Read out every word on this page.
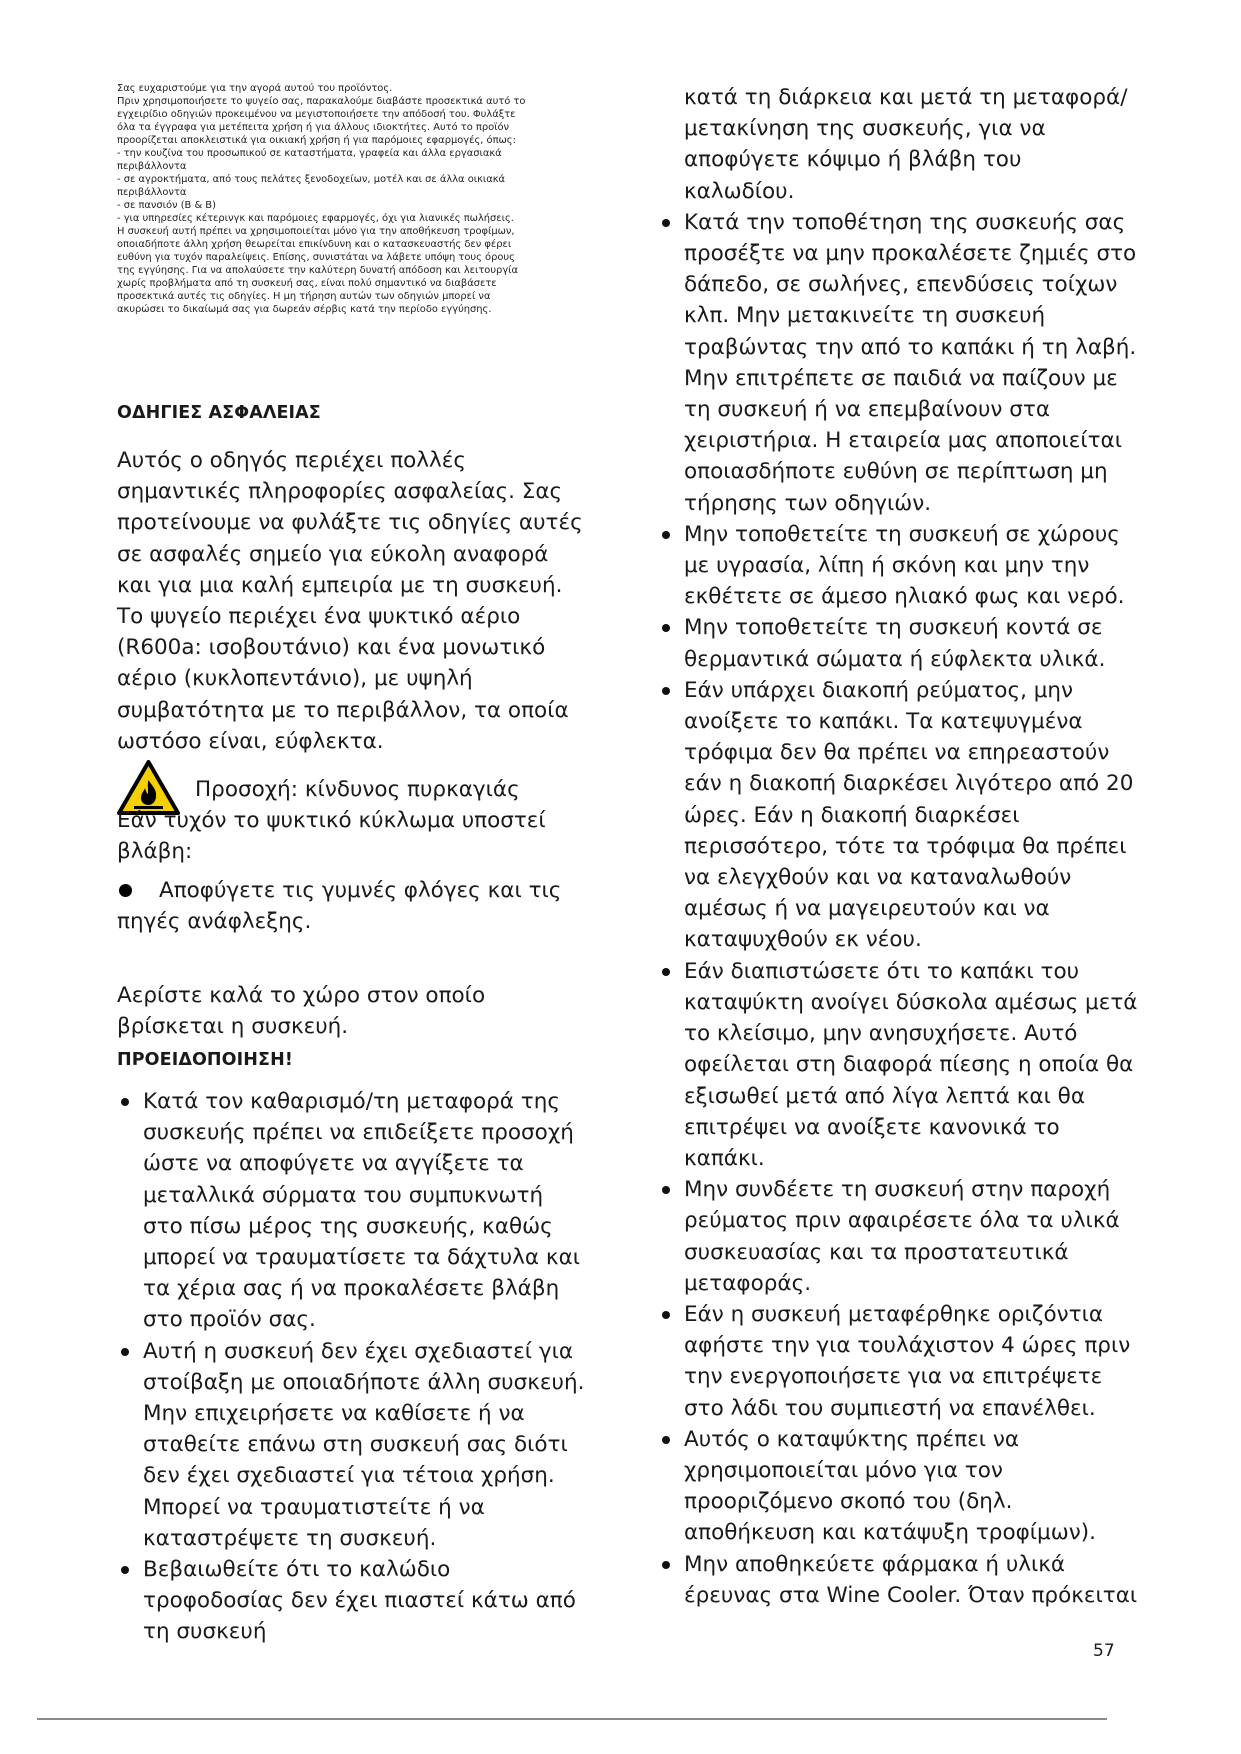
Σας ευχαριστούμε για την αγορά αυτού του προϊόντος.

Πριν χρησιμοποιήσετε το ψυγείο σας, παρακαλούμε διαβάστε προσεκτικά αυτό το

εγχειρίδιο οδηγιών προκειμένου να μεγιστοποιήσετε την απόδοσή του. Φυλάξτε

όλα τα έγγραφα για μετέπειτα χρήση ή για άλλους ιδιοκτήτες. Αυτό το προϊόν

προορίζεται αποκλειστικά για οικιακή χρήση ή για παρόμοιες εφαρμογές, όπως:

- την κουζίνα του προσωπικού σε καταστήματα, γραφεία και άλλα εργασιακά

περιβάλλοντα

- σε αγροκτήματα, από τους πελάτες ξενοδοχείων, μοτέλ και σε άλλα οικιακά

περιβάλλοντα

- σε πανσιόν (B & B)

- για υπηρεσίες κέτερινγκ και παρόμοιες εφαρμογές, όχι για λιανικές πωλήσεις.

Η συσκευή αυτή πρέπει να χρησιμοποιείται μόνο για την αποθήκευση τροφίμων,

οποιαδήποτε άλλη χρήση θεωρείται επικίνδυνη και ο κατασκευαστής δεν φέρει

ευθύνη για τυχόν παραλείψεις. Επίσης, συνιστάται να λάβετε υπόψη τους όρους

της εγγύησης. Για να απολαύσετε την καλύτερη δυνατή απόδοση και λειτουργία

χωρίς προβλήματα από τη συσκευή σας, είναι πολύ σημαντικό να διαβάσετε

προσεκτικά αυτές τις οδηγίες. Η μη τήρηση αυτών των οδηγιών μπορεί να

ακυρώσει το δικαίωμά σας για δωρεάν σέρβις κατά την περίοδο εγγύησης.

ΟΔΗΓΙΕΣ ΑΣΦΑΛΕΙΑΣ

Αυτός ο οδηγός περιέχει πολλές σημαντικές πληροφορίες ασφαλείας. Σας προτείνουμε να φυλάξτε τις οδηγίες αυτές σε ασφαλές σημείο για εύκολη αναφορά και για μια καλή εμπειρία με τη συσκευή.

Το ψυγείο περιέχει ένα ψυκτικό αέριο (R600a: ισοβουτάνιο) και ένα μονωτικό αέριο (κυκλοπεντάνιο), με υψηλή συμβατότητα με το περιβάλλον, τα οποία ωστόσο είναι, εύφλεκτα.

Προσοχή: κίνδυνος πυρκαγιάς

Εάν τυχόν το ψυκτικό κύκλωμα υποστεί βλάβη:

Αποφύγετε τις γυμνές φλόγες και τις πηγές ανάφλεξης.

Αερίστε καλά το χώρο στον οποίο βρίσκεται η συσκευή.

ΠΡΟΕΙΔΟΠΟΙΗΣΗ!
Κατά τον καθαρισμό/τη μεταφορά της συσκευής πρέπει να επιδείξετε προσοχή ώστε να αποφύγετε να αγγίξετε τα μεταλλικά σύρματα του συμπυκνωτή στο πίσω μέρος της συσκευής, καθώς μπορεί να τραυματίσετε τα δάχτυλα και τα χέρια σας ή να προκαλέσετε βλάβη στο προϊόν σας.
Αυτή η συσκευή δεν έχει σχεδιαστεί για στοίβαξη με οποιαδήποτε άλλη συσκευή. Μην επιχειρήσετε να καθίσετε ή να σταθείτε επάνω στη συσκευή σας διότι δεν έχει σχεδιαστεί για τέτοια χρήση. Μπορεί να τραυματιστείτε ή να καταστρέψετε τη συσκευή.
Βεβαιωθείτε ότι το καλώδιο τροφοδοσίας δεν έχει πιαστεί κάτω από τη συσκευή

κατά τη διάρκεια και μετά τη μεταφορά/μετακίνηση της συσκευής, για να αποφύγετε κόψιμο ή βλάβη του καλωδίου.

Κατά την τοποθέτηση της συσκευής σας προσέξτε να μην προκαλέσετε ζημιές στο δάπεδο, σε σωλήνες, επενδύσεις τοίχων κλπ. Μην μετακινείτε τη συσκευή τραβώντας την από το καπάκι ή τη λαβή. Μην επιτρέπετε σε παιδιά να παίζουν με τη συσκευή ή να επεμβαίνουν στα χειριστήρια. Η εταιρεία μας αποποιείται οποιασδήποτε ευθύνη σε περίπτωση μη τήρησης των οδηγιών.
Μην τοποθετείτε τη συσκευή σε χώρους με υγρασία, λίπη ή σκόνη και μην την εκθέτετε σε άμεσο ηλιακό φως και νερό.
Μην τοποθετείτε τη συσκευή κοντά σε θερμαντικά σώματα ή εύφλεκτα υλικά.
Εάν υπάρχει διακοπή ρεύματος, μην ανοίξετε το καπάκι. Τα κατεψυγμένα τρόφιμα δεν θα πρέπει να επηρεαστούν εάν η διακοπή διαρκέσει λιγότερο από 20 ώρες. Εάν η διακοπή διαρκέσει περισσότερο, τότε τα τρόφιμα θα πρέπει να ελεγχθούν και να καταναλωθούν αμέσως ή να μαγειρευτούν και να καταψυχθούν εκ νέου.
Εάν διαπιστώσετε ότι το καπάκι του καταψύκτη ανοίγει δύσκολα αμέσως μετά το κλείσιμο, μην ανησυχήσετε. Αυτό οφείλεται στη διαφορά πίεσης η οποία θα εξισωθεί μετά από λίγα λεπτά και θα επιτρέψει να ανοίξετε κανονικά το καπάκι.
Μην συνδέετε τη συσκευή στην παροχή ρεύματος πριν αφαιρέσετε όλα τα υλικά συσκευασίας και τα προστατευτικά μεταφοράς.
Εάν η συσκευή μεταφέρθηκε οριζόντια αφήστε την για τουλάχιστον 4 ώρες πριν την ενεργοποιήσετε για να επιτρέψετε στο λάδι του συμπιεστή να επανέλθει.
Αυτός ο καταψύκτης πρέπει να χρησιμοποιείται μόνο για τον προοριζόμενο σκοπό του (δηλ. αποθήκευση και κατάψυξη τροφίμων).
Μην αποθηκεύετε φάρμακα ή υλικά έρευνας στα Wine Cooler. Όταν πρόκειται
57
